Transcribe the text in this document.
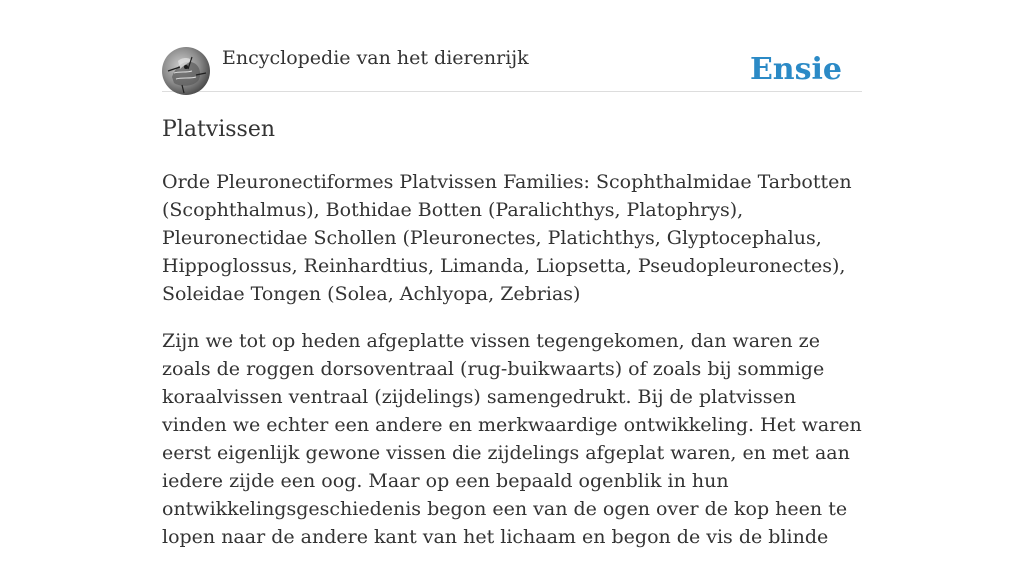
Encyclopedie van het dierenrijk	Ensie
Platvissen

Orde Pleuronectiformes Platvissen Families: Scophthalmidae Tarbotten (Scophthalmus), Bothidae Botten (Paralichthys, Platophrys), Pleuronectidae Schollen (Pleuronectes, Platichthys, Glyptocephalus, Hippoglossus, Reinhardtius, Limanda, Liopsetta, Pseudopleuronectes), Soleidae Tongen (Solea, Achlyopa, Zebrias)

Zijn we tot op heden afgeplatte vissen tegengekomen, dan waren ze zoals de roggen dorsoventraal (rug-buikwaarts) of zoals bij sommige koraalvissen ventraal (zijdelings) samengedrukt. Bij de platvissen vinden we echter een andere en merkwaardige ontwikkeling. Het waren eerst eigenlijk gewone vissen die zijdelings afgeplat waren, en met aan iedere zijde een oog. Maar op een bepaald ogenblik in hun ontwikkelingsgeschiedenis begon een van de ogen over de kop heen te lopen naar de andere kant van het lichaam en begon de vis de blinde
